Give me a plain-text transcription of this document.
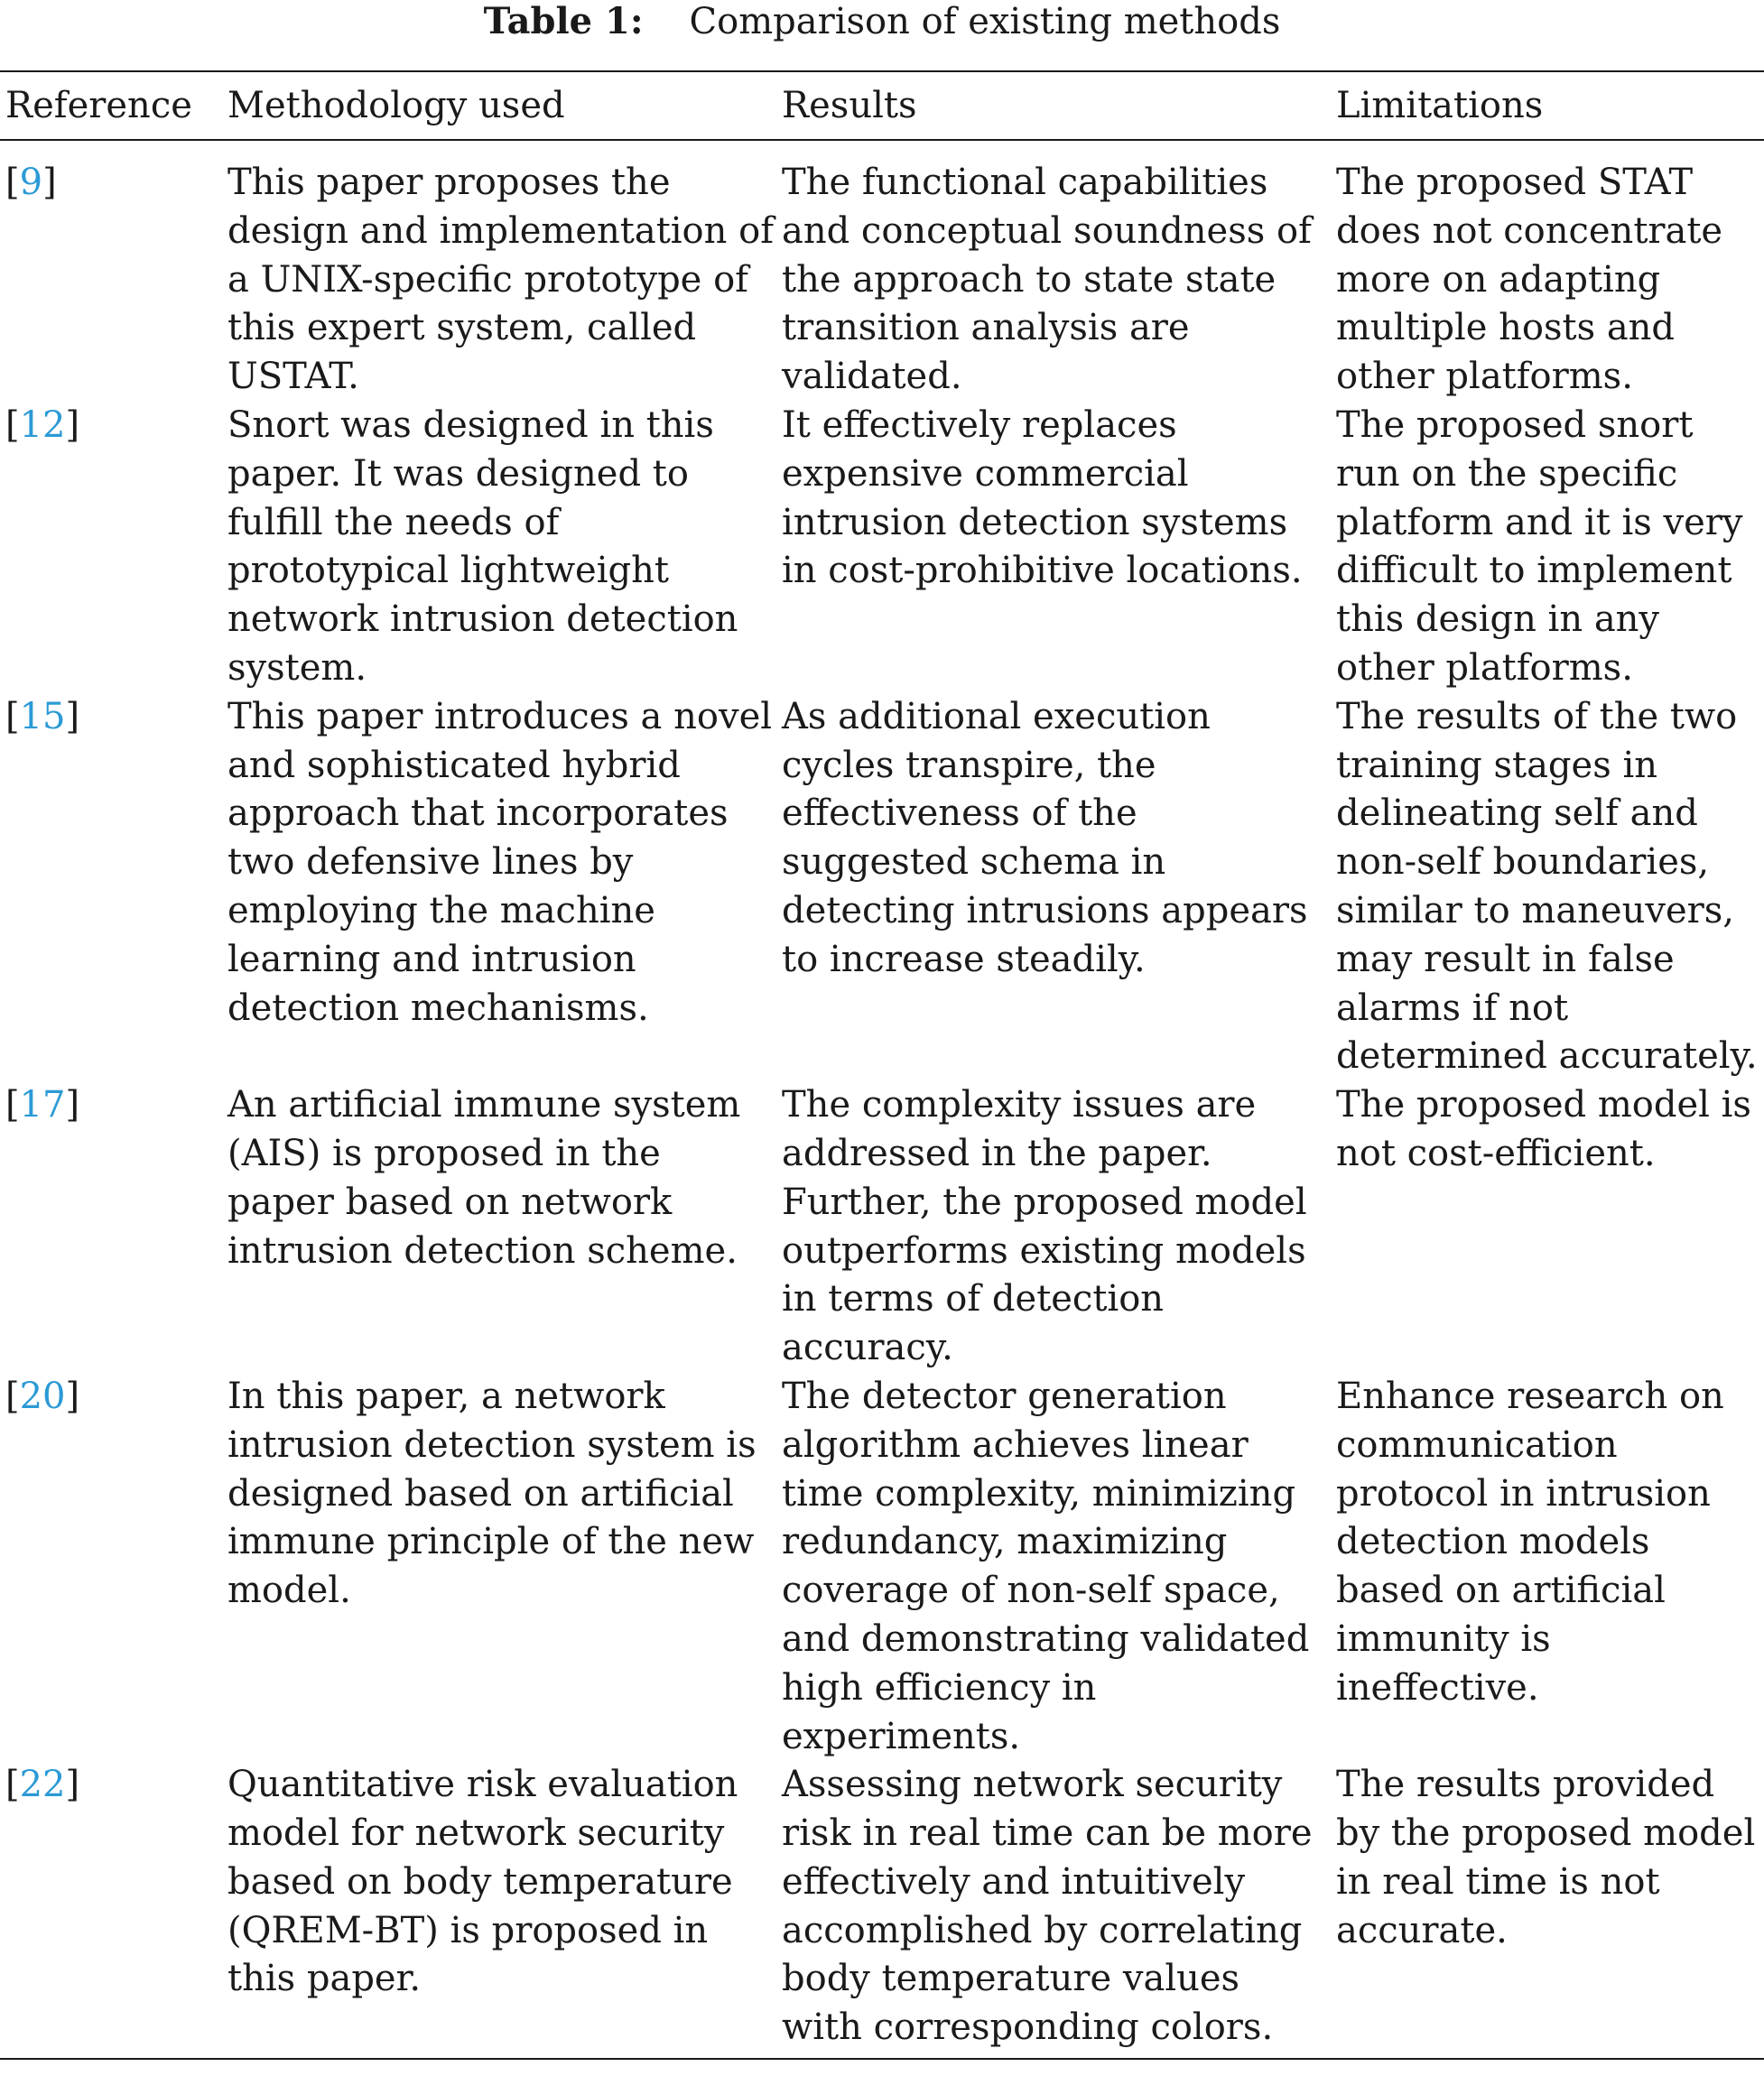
Table 1: Comparison of existing methods
Reference	Methodology used	Results	Limitations
[9]	This paper proposes the design and implementation of a UNIX-specific prototype of this expert system, called USTAT.	The functional capabilities and conceptual soundness of the approach to state state transition analysis are validated.	The proposed STAT does not concentrate more on adapting multiple hosts and other platforms.
[12]	Snort was designed in this paper. It was designed to fulfill the needs of prototypical lightweight network intrusion detection system.	It effectively replaces expensive commercial intrusion detection systems in cost-prohibitive locations.	The proposed snort run on the specific platform and it is very difficult to implement this design in any other platforms.
[15]	This paper introduces a novel and sophisticated hybrid approach that incorporates two defensive lines by employing the machine learning and intrusion detection mechanisms.	As additional execution cycles transpire, the effectiveness of the suggested schema in detecting intrusions appears to increase steadily.	The results of the two training stages in delineating self and non-self boundaries, similar to maneuvers, may result in false alarms if not determined accurately.
[17]	An artificial immune system (AIS) is proposed in the paper based on network intrusion detection scheme.	The complexity issues are addressed in the paper. Further, the proposed model outperforms existing models in terms of detection accuracy.	The proposed model is not cost-efficient.
[20]	In this paper, a network intrusion detection system is designed based on artificial immune principle of the new model.	The detector generation algorithm achieves linear time complexity, minimizing redundancy, maximizing coverage of non-self space, and demonstrating validated high efficiency in experiments.	Enhance research on communication protocol in intrusion detection models based on artificial immunity is ineffective.
[22]	Quantitative risk evaluation model for network security based on body temperature (QREM-BT) is proposed in this paper.	Assessing network security risk in real time can be more effectively and intuitively accomplished by correlating body temperature values with corresponding colors.	The results provided by the proposed model in real time is not accurate.
